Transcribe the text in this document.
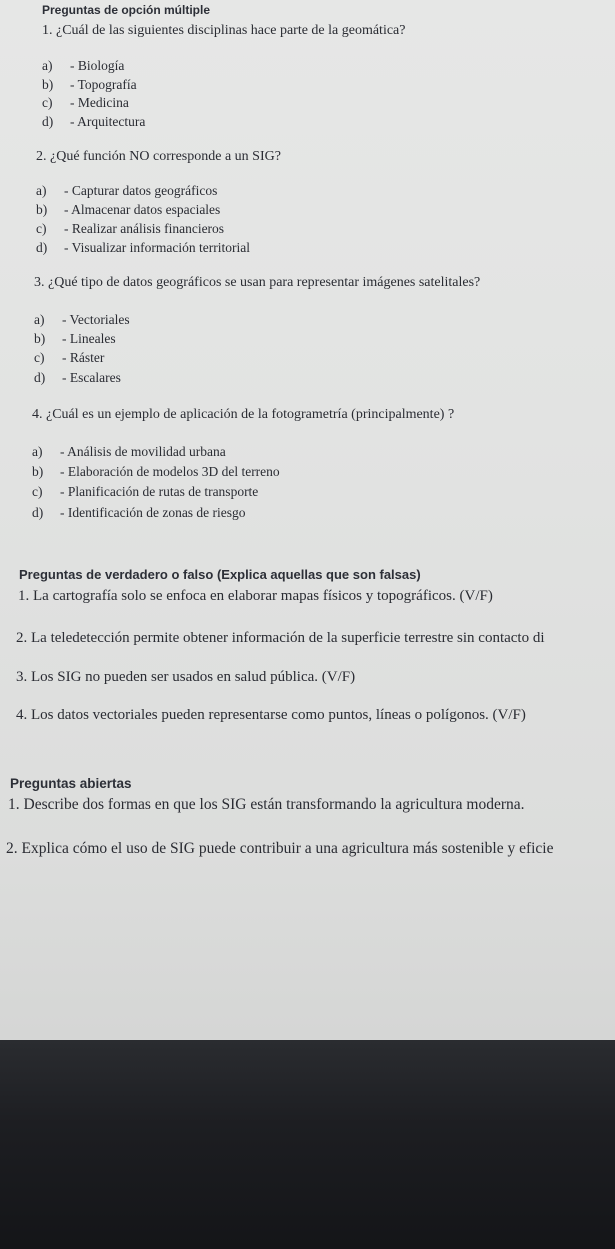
Preguntas de opción múltiple
1. ¿Cuál de las siguientes disciplinas hace parte de la geomática?
a) - Biología
b) - Topografía
c) - Medicina
d) - Arquitectura
2. ¿Qué función NO corresponde a un SIG?
a) - Capturar datos geográficos
b) - Almacenar datos espaciales
c) - Realizar análisis financieros
d) - Visualizar información territorial
3. ¿Qué tipo de datos geográficos se usan para representar imágenes satelitales?
a) - Vectoriales
b) - Lineales
c) - Ráster
d) - Escalares
4. ¿Cuál es un ejemplo de aplicación de la fotogrametría (principalmente) ?
a) - Análisis de movilidad urbana
b) - Elaboración de modelos 3D del terreno
c) - Planificación de rutas de transporte
d) - Identificación de zonas de riesgo
Preguntas de verdadero o falso (Explica aquellas que son falsas)
1. La cartografía solo se enfoca en elaborar mapas físicos y topográficos. (V/F)
2. La teledetección permite obtener información de la superficie terrestre sin contacto di
3. Los SIG no pueden ser usados en salud pública. (V/F)
4. Los datos vectoriales pueden representarse como puntos, líneas o polígonos. (V/F)
Preguntas abiertas
1. Describe dos formas en que los SIG están transformando la agricultura moderna.
2. Explica cómo el uso de SIG puede contribuir a una agricultura más sostenible y eficie
